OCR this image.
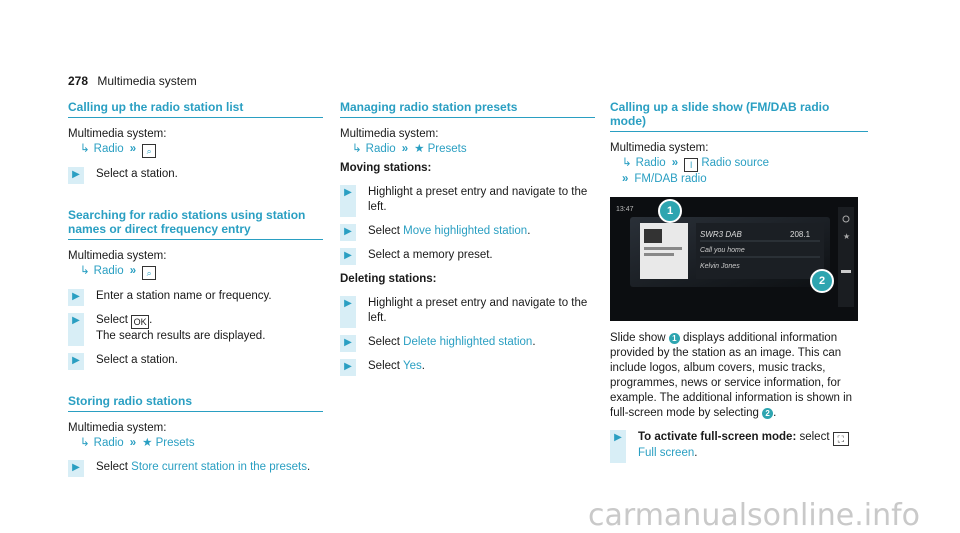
278 Multimedia system
Calling up the radio station list
Multimedia system:
↳ Radio » ⌕
▶	Select a station.
Searching for radio stations using station names or direct frequency entry
Multimedia system:
↳ Radio » ⌕
▶	Enter a station name or frequency.
▶	Select OK .
The search results are displayed.
▶	Select a station.
Storing radio stations
Multimedia system:
↳ Radio » ★ Presets
▶	Select Store current station in the presets.
Managing radio station presets
Multimedia system:
↳ Radio » ★ Presets
Moving stations:
▶	Highlight a preset entry and navigate to the left.
▶	Select Move highlighted station.
▶	Select a memory preset.
Deleting stations:
▶	Highlight a preset entry and navigate to the left.
▶	Select Delete highlighted station.
▶	Select Yes.
Calling up a slide show (FM/DAB radio mode)
Multimedia system:
↳ Radio » ǀ Radio source
» FM/DAB radio
★
13:47
SWR3 DAB	208.1
Call you home
Kelvin Jones
1
2
Slide show 1 displays additional information provided by the station as an image. This can include logos, album covers, music tracks, programmes, news or service information, for example. The additional information is shown in full-screen mode by selecting 2 .
▶	To activate full-screen mode: select ⛶
Full screen.
carmanualsonline.info
